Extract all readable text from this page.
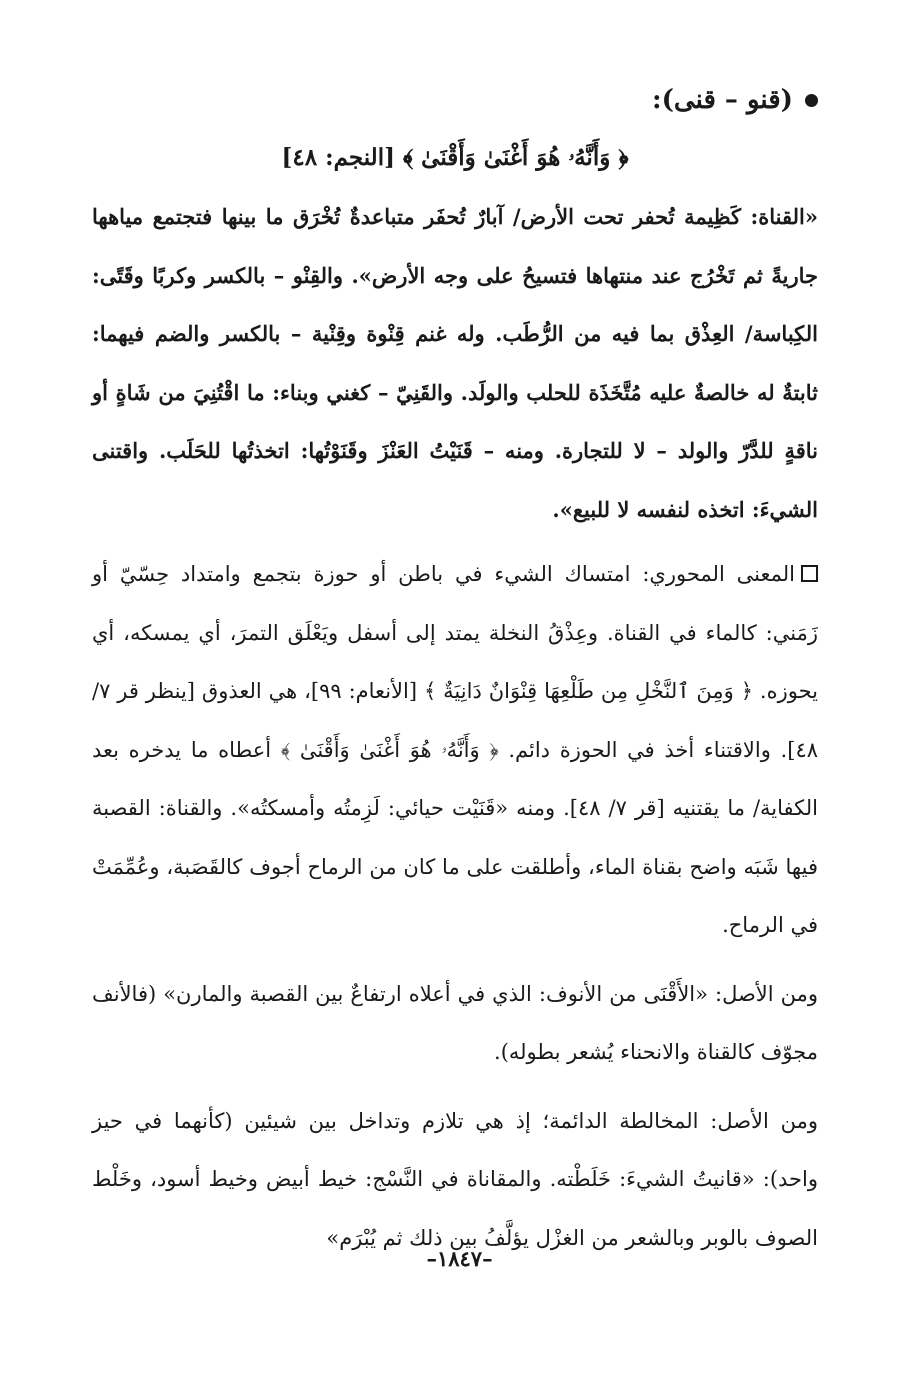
(قنو – قنى):
﴿ وَأَنَّهُۥ هُوَ أَغْنَىٰ وَأَقْنَىٰ ﴾ [النجم: ٤٨]

«القناة: كَظِيمة تُحفر تحت الأرض/ آبارٌ تُحفَر متباعدةٌ تُخْرَق ما بينها فتجتمع مياهها جاريةً ثم تَخْرُج عند منتهاها فتسيحُ على وجه الأرض». والقِنْو – بالكسر وكربًا وقَتًى: الكِباسة/ العِذْق بما فيه من الرُّطَب. وله غنم قِنْوة وقِنْية – بالكسر والضم فيهما: ثابتةٌ له خالصةٌ عليه مُتَّخَذَة للحلب والولَد. والقَنِيّ – كغني وبناء: ما اقْتُنِيَ من شَاةٍ أو ناقةٍ للدَّرّ والولد – لا للتجارة. ومنه – قَنَيْتُ العَنْزَ وقَنَوْتُها: اتخذتُها للحَلَب. واقتنى الشيءَ: اتخذه لنفسه لا للبيع».

المعنى المحوري: امتساك الشيء في باطن أو حوزة بتجمع وامتداد حِسّيّ أو زَمَني: كالماء في القناة. وعِذْقُ النخلة يمتد إلى أسفل ويَعْلَق التمرَ، أي يمسكه، أي يحوزه. ﴿ وَمِنَ ٱلنَّخْلِ مِن طَلْعِهَا قِنْوَانٌ دَانِيَةٌ ﴾ [الأنعام: ٩٩]، هي العذوق [ينظر قر ٧/ ٤٨]. والاقتناء أخذ في الحوزة دائم. ﴿ وَأَنَّهُۥ هُوَ أَغْنَىٰ وَأَقْنَىٰ ﴾ أعطاه ما يدخره بعد الكفاية/ ما يقتنيه [قر ٧/ ٤٨]. ومنه «قَنَيْت حيائي: لَزِمتُه وأمسكتُه». والقناة: القصبة فيها شَبَه واضح بقناة الماء، وأطلقت على ما كان من الرماح أجوف كالقَصَبة، وعُمِّمَتْ في الرماح.

ومن الأصل: «الأَقْنَى من الأنوف: الذي في أعلاه ارتفاعٌ بين القصبة والمارن» (فالأنف مجوّف كالقناة والانحناء يُشعر بطوله).

ومن الأصل: المخالطة الدائمة؛ إذ هي تلازم وتداخل بين شيئين (كأنهما في حيز واحد): «قانيتُ الشيءَ: خَلَطْته. والمقاناة في النَّسْج: خيط أبيض وخيط أسود، وخَلْط الصوف بالوبر وبالشعر من الغزْل يؤلَّفُ بين ذلك ثم يُبْرَم»

–١٨٤٧–
